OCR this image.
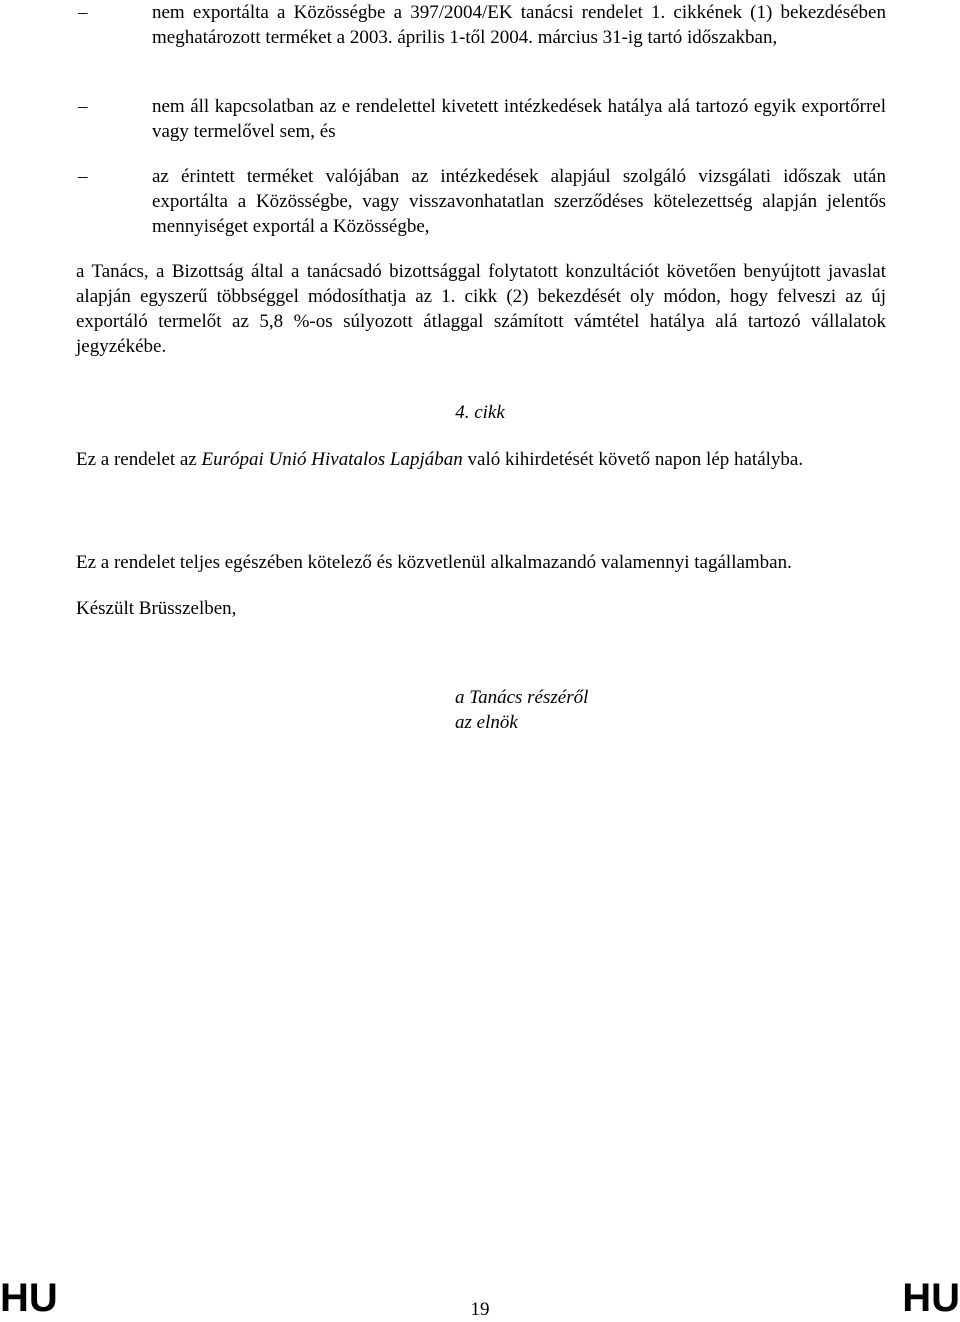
–	nem exportálta a Közösségbe a 397/2004/EK tanácsi rendelet 1. cikkének (1) bekezdésében meghatározott terméket a 2003. április 1-től 2004. március 31-ig tartó időszakban,
–	nem áll kapcsolatban az e rendelettel kivetett intézkedések hatálya alá tartozó egyik exportőrrel vagy termelővel sem, és
–	az érintett terméket valójában az intézkedések alapjául szolgáló vizsgálati időszak után exportálta a Közösségbe, vagy visszavonhatatlan szerződéses kötelezettség alapján jelentős mennyiséget exportál a Közösségbe,
a Tanács, a Bizottság által a tanácsadó bizottsággal folytatott konzultációt követően benyújtott javaslat alapján egyszerű többséggel módosíthatja az 1. cikk (2) bekezdését oly módon, hogy felveszi az új exportáló termelőt az 5,8 %-os súlyozott átlaggal számított vámtétel hatálya alá tartozó vállalatok jegyzékébe.
4. cikk
Ez a rendelet az Európai Unió Hivatalos Lapjában való kihirdetését követő napon lép hatályba.
Ez a rendelet teljes egészében kötelező és közvetlenül alkalmazandó valamennyi tagállamban.
Készült Brüsszelben,
a Tanács részéről
az elnök
HU	19	HU
